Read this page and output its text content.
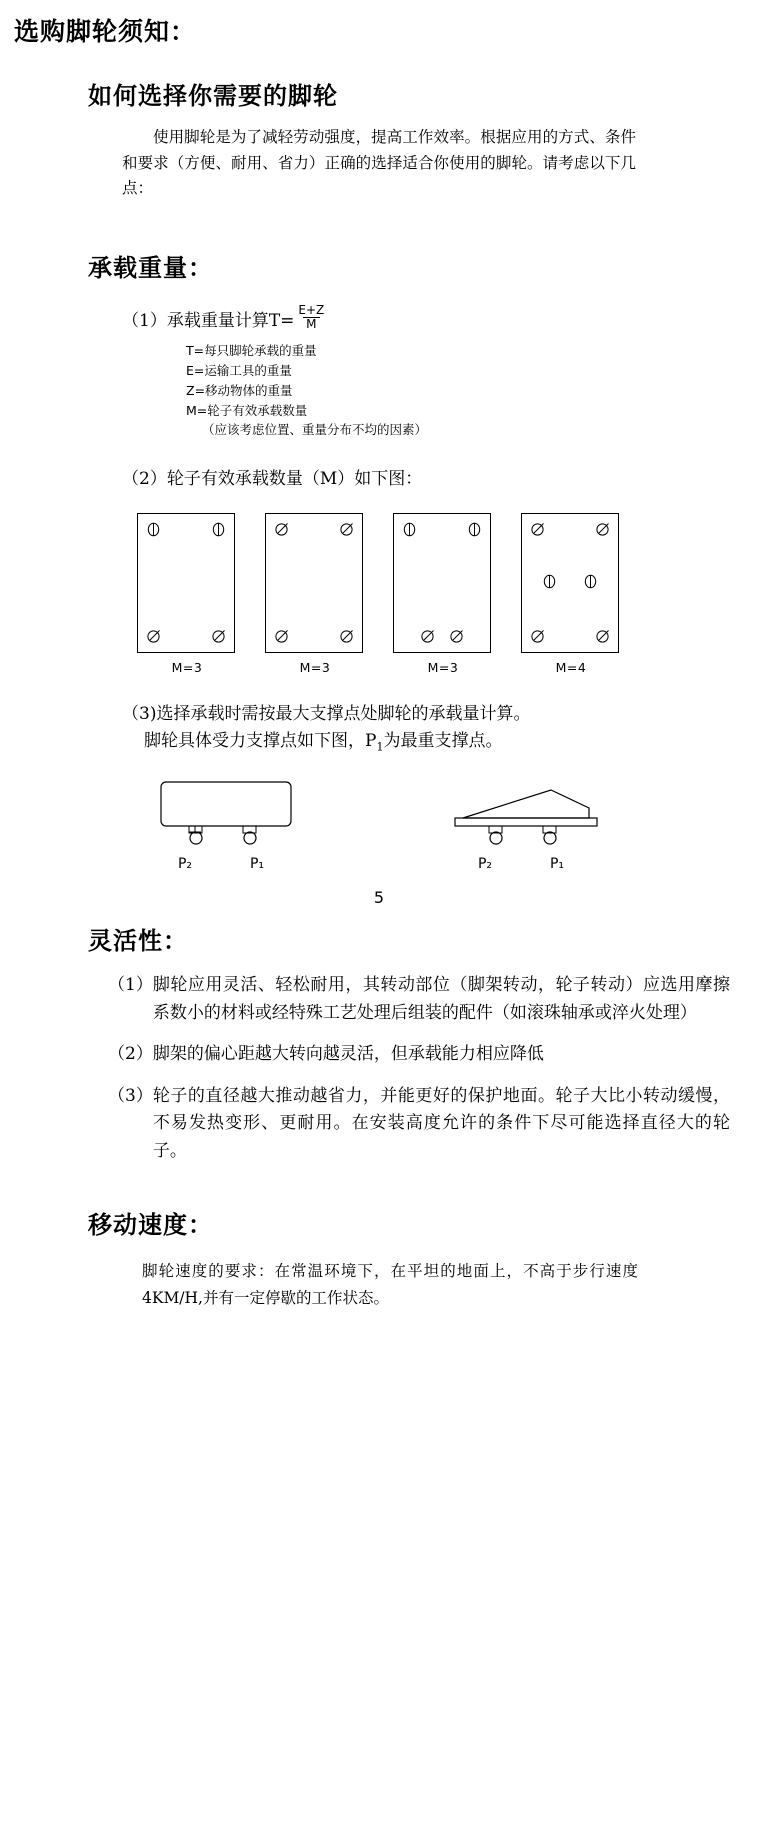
选购脚轮须知：
如何选择你需要的脚轮

使用脚轮是为了减轻劳动强度，提高工作效率。根据应用的方式、条件和要求（方便、耐用、省力）正确的选择适合你使用的脚轮。请考虑以下几点：

承载重量：
（1）承载重量计算$T= \frac{E+Z}{M}$
T=每只脚轮承载的重量
E=运输工具的重量
Z=移动物体的重量
M=轮子有效承载数量
（应该考虑位置、重量分布不均的因素）
（2）轮子有效承载数量（M）如下图：
M=3	M=3	M=3	M=4
（3)选择承载时需按最大支撑点处脚轮的承载量计算。
脚轮具体受力支撑点如下图，$P_1$为最重支撑点。
P₂	P₁	P₂	P₁
5
灵活性：
（1） 脚轮应用灵活、轻松耐用，其转动部位（脚架转动，轮子转动）应选用摩擦系数小的材料或经特殊工艺处理后组装的配件（如滚珠轴承或淬火处理）
（2） 脚架的偏心距越大转向越灵活，但承载能力相应降低
（3） 轮子的直径越大推动越省力，并能更好的保护地面。轮子大比小转动缓慢，不易发热变形、更耐用。在安装高度允许的条件下尽可能选择直径大的轮子。
移动速度：

脚轮速度的要求：在常温环境下，在平坦的地面上，不高于步行速度4KM/H,并有一定停歇的工作状态。
